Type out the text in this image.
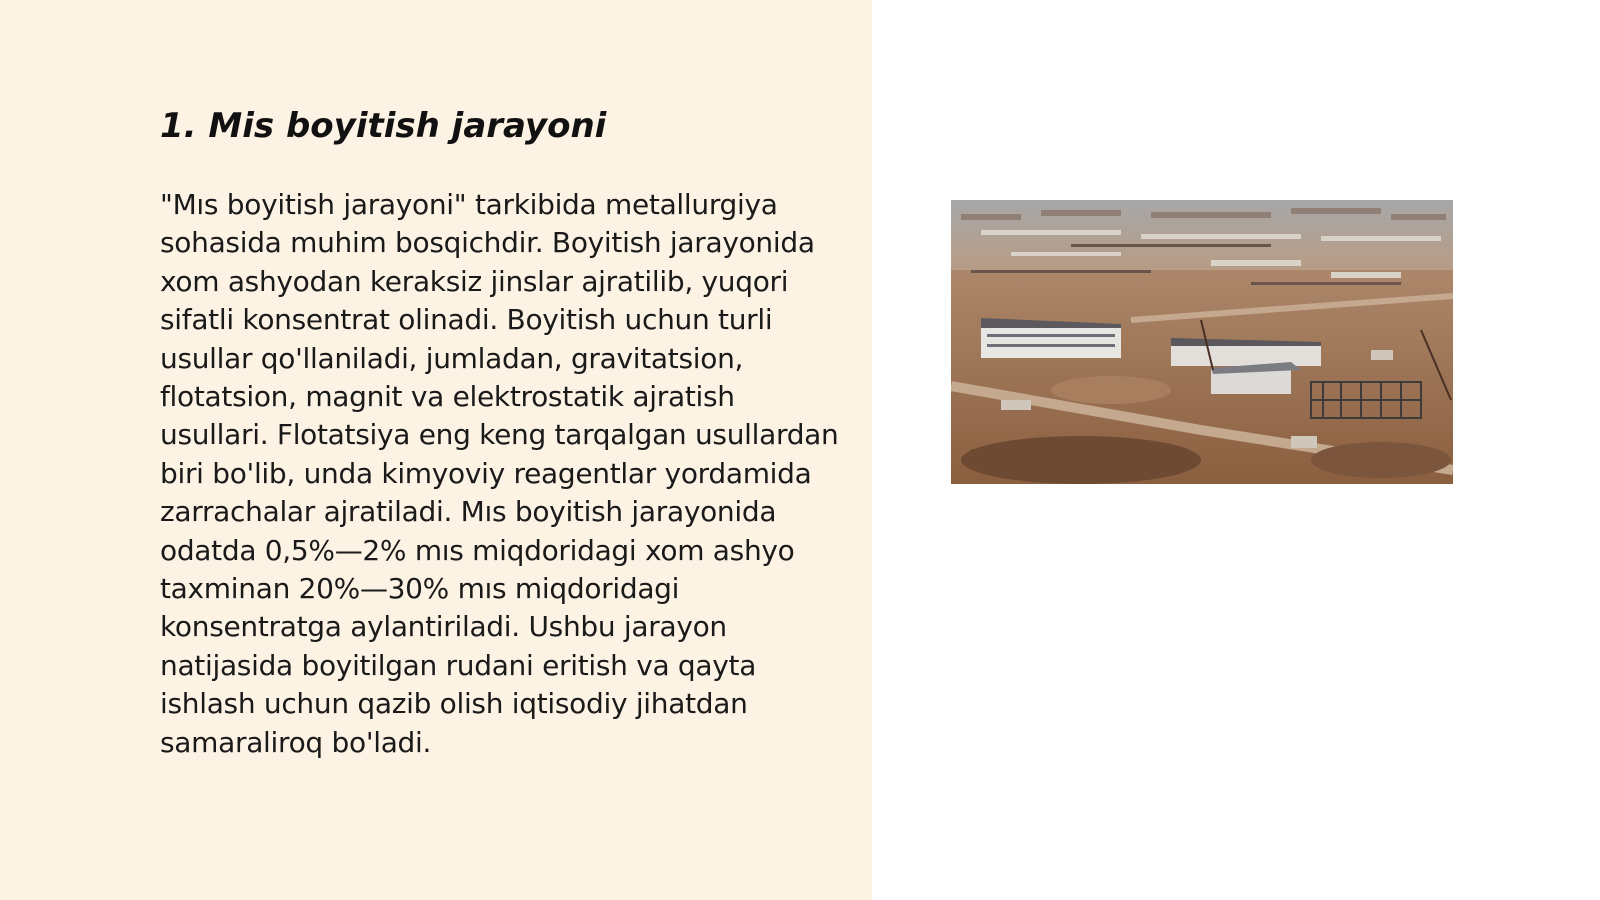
1. Mis boyitish jarayoni

"Mıs boyitish jarayoni" tarkibida metallurgiya sohasida muhim bosqichdir. Boyitish jarayonida xom ashyodan keraksiz jinslar ajratilib, yuqori sifatli konsentrat olinadi. Boyitish uchun turli usullar qo'llaniladi, jumladan, gravitatsion, flotatsion, magnit va elektrostatik ajratish usullari. Flotatsiya eng keng tarqalgan usullardan biri bo'lib, unda kimyoviy reagentlar yordamida zarrachalar ajratiladi. Mıs boyitish jarayonida odatda 0,5%—2% mıs miqdoridagi xom ashyo taxminan 20%—30% mıs miqdoridagi konsentratga aylantiriladi. Ushbu jarayon natijasida boyitilgan rudani eritish va qayta ishlash uchun qazib olish iqtisodiy jihatdan samaraliroq bo'ladi.
